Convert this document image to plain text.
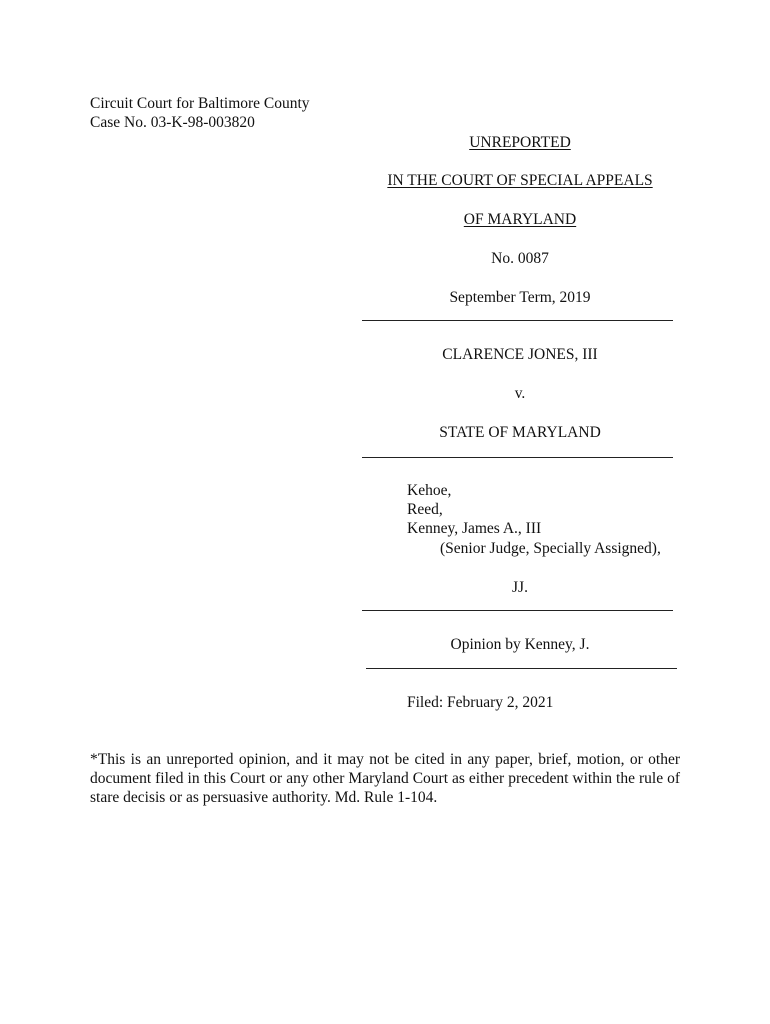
Circuit Court for Baltimore County
Case No. 03-K-98-003820
UNREPORTED
IN THE COURT OF SPECIAL APPEALS
OF MARYLAND
No. 0087
September Term, 2019
CLARENCE JONES, III
v.
STATE OF MARYLAND
Kehoe,
Reed,
Kenney, James A., III
(Senior Judge, Specially Assigned),
JJ.
Opinion by Kenney, J.
Filed: February 2, 2021
*This is an unreported opinion, and it may not be cited in any paper, brief, motion, or other document filed in this Court or any other Maryland Court as either precedent within the rule of stare decisis or as persuasive authority. Md. Rule 1-104.
